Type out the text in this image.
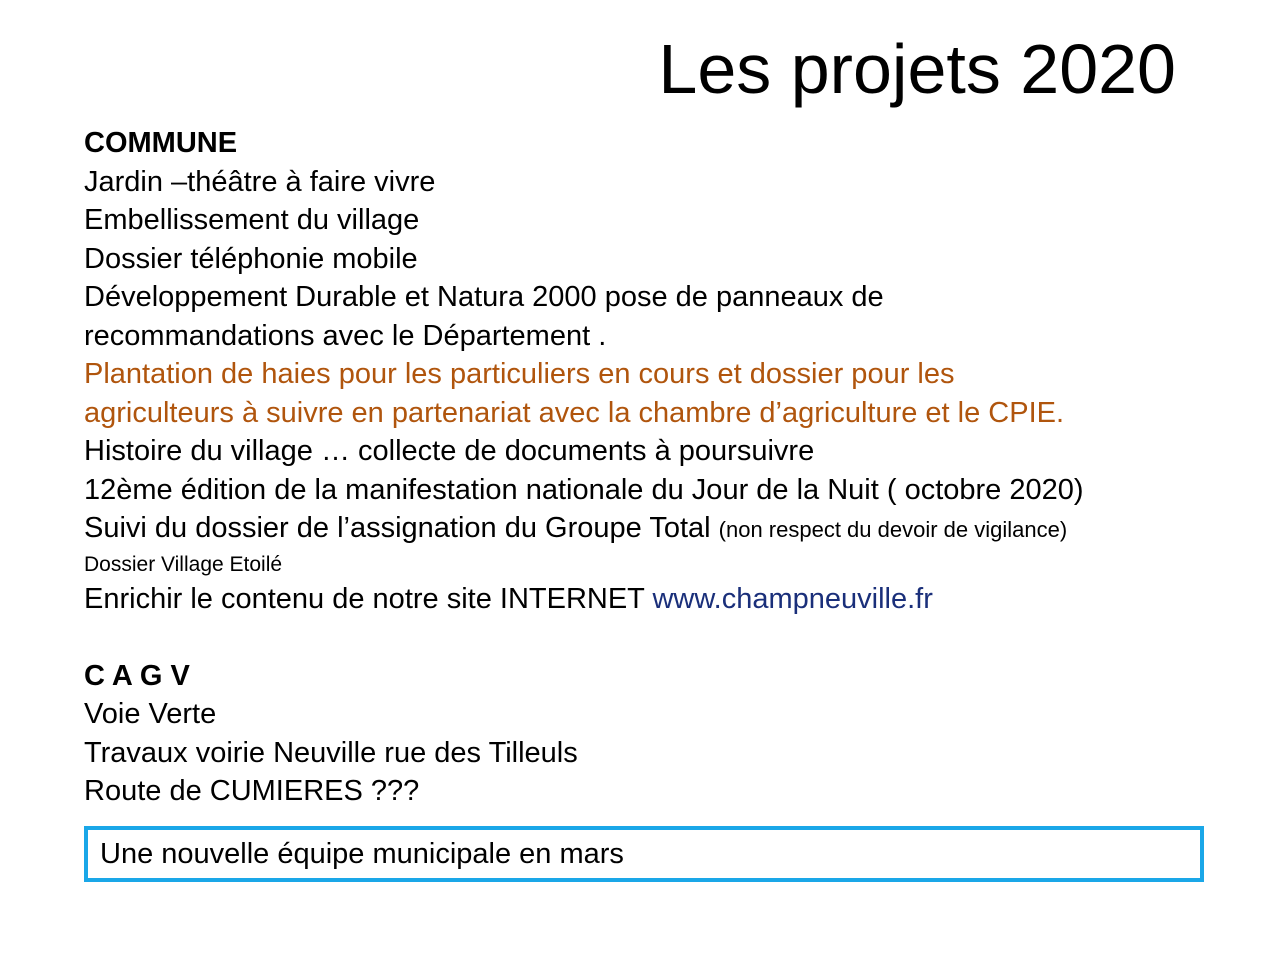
Les projets 2020
COMMUNE
Jardin –théâtre à faire vivre
Embellissement du village
Dossier téléphonie mobile
Développement Durable et Natura 2000 pose de panneaux de
recommandations avec le Département .
Plantation de haies pour les particuliers en cours et dossier pour les
agriculteurs à suivre en partenariat avec la chambre d’agriculture et le CPIE.
Histoire du village … collecte de documents à poursuivre
12ème édition de la manifestation nationale du Jour de la Nuit ( octobre 2020)
Suivi du dossier de l’assignation du Groupe Total (non respect du devoir de vigilance)
Dossier Village Etoilé
Enrichir le contenu de notre site INTERNET www.champneuville.fr
C A G V
Voie Verte
Travaux voirie Neuville rue des Tilleuls
Route de CUMIERES ???
Une nouvelle équipe municipale en mars
